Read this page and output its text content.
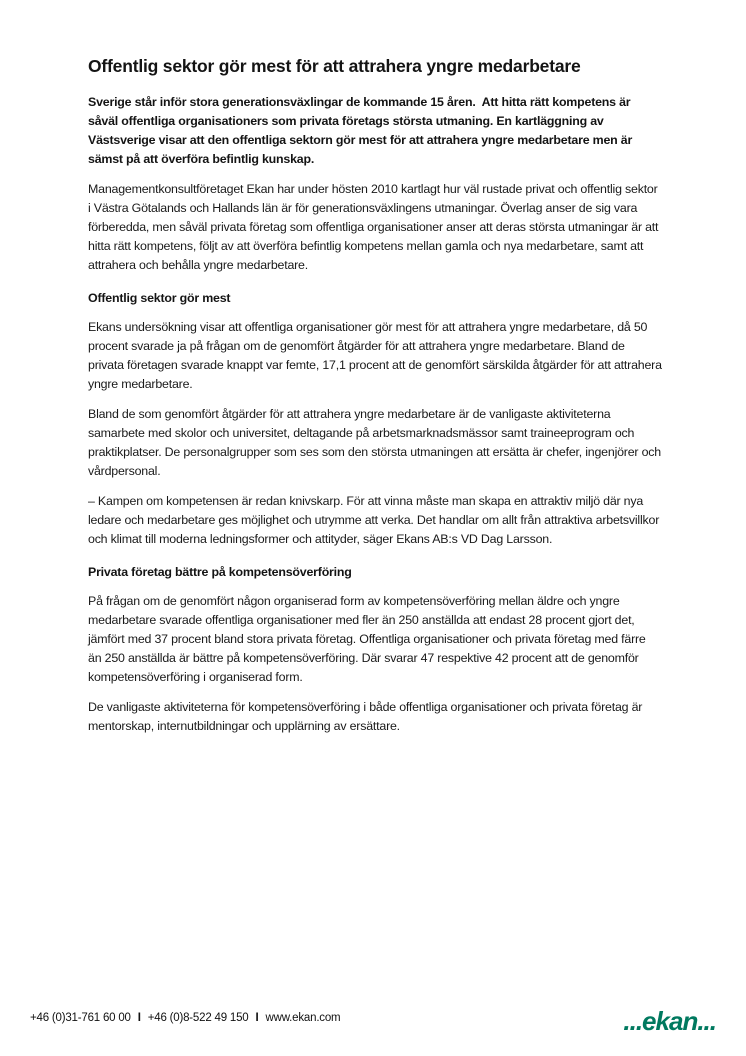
Offentlig sektor gör mest för att attrahera yngre medarbetare

Sverige står inför stora generationsväxlingar de kommande 15 åren.  Att hitta rätt kompetens är såväl offentliga organisationers som privata företags största utmaning. En kartläggning av Västsverige visar att den offentliga sektorn gör mest för att attrahera yngre medarbetare men är sämst på att överföra befintlig kunskap.

Managementkonsultföretaget Ekan har under hösten 2010 kartlagt hur väl rustade privat och offentlig sektor i Västra Götalands och Hallands län är för generationsväxlingens utmaningar. Överlag anser de sig vara förberedda, men såväl privata företag som offentliga organisationer anser att deras största utmaningar är att hitta rätt kompetens, följt av att överföra befintlig kompetens mellan gamla och nya medarbetare, samt att attrahera och behålla yngre medarbetare.

Offentlig sektor gör mest

Ekans undersökning visar att offentliga organisationer gör mest för att attrahera yngre medarbetare, då 50 procent svarade ja på frågan om de genomfört åtgärder för att attrahera yngre medarbetare. Bland de privata företagen svarade knappt var femte, 17,1 procent att de genomfört särskilda åtgärder för att attrahera yngre medarbetare.

Bland de som genomfört åtgärder för att attrahera yngre medarbetare är de vanligaste aktiviteterna samarbete med skolor och universitet, deltagande på arbetsmarknadsmässor samt traineeprogram och praktikplatser. De personalgrupper som ses som den största utmaningen att ersätta är chefer, ingenjörer och vårdpersonal.

– Kampen om kompetensen är redan knivskarp. För att vinna måste man skapa en attraktiv miljö där nya ledare och medarbetare ges möjlighet och utrymme att verka. Det handlar om allt från attraktiva arbetsvillkor och klimat till moderna ledningsformer och attityder, säger Ekans AB:s VD Dag Larsson.

Privata företag bättre på kompetensöverföring

På frågan om de genomfört någon organiserad form av kompetensöverföring mellan äldre och yngre medarbetare svarade offentliga organisationer med fler än 250 anställda att endast 28 procent gjort det, jämfört med 37 procent bland stora privata företag. Offentliga organisationer och privata företag med färre än 250 anställda är bättre på kompetensöverföring. Där svarar 47 respektive 42 procent att de genomför kompetensöverföring i organiserad form.

De vanligaste aktiviteterna för kompetensöverföring i både offentliga organisationer och privata företag är mentorskap, internutbildningar och upplärning av ersättare.

+46 (0)31-761 60 00 I +46 (0)8-522 49 150 I www.ekan.com	...ekan...
